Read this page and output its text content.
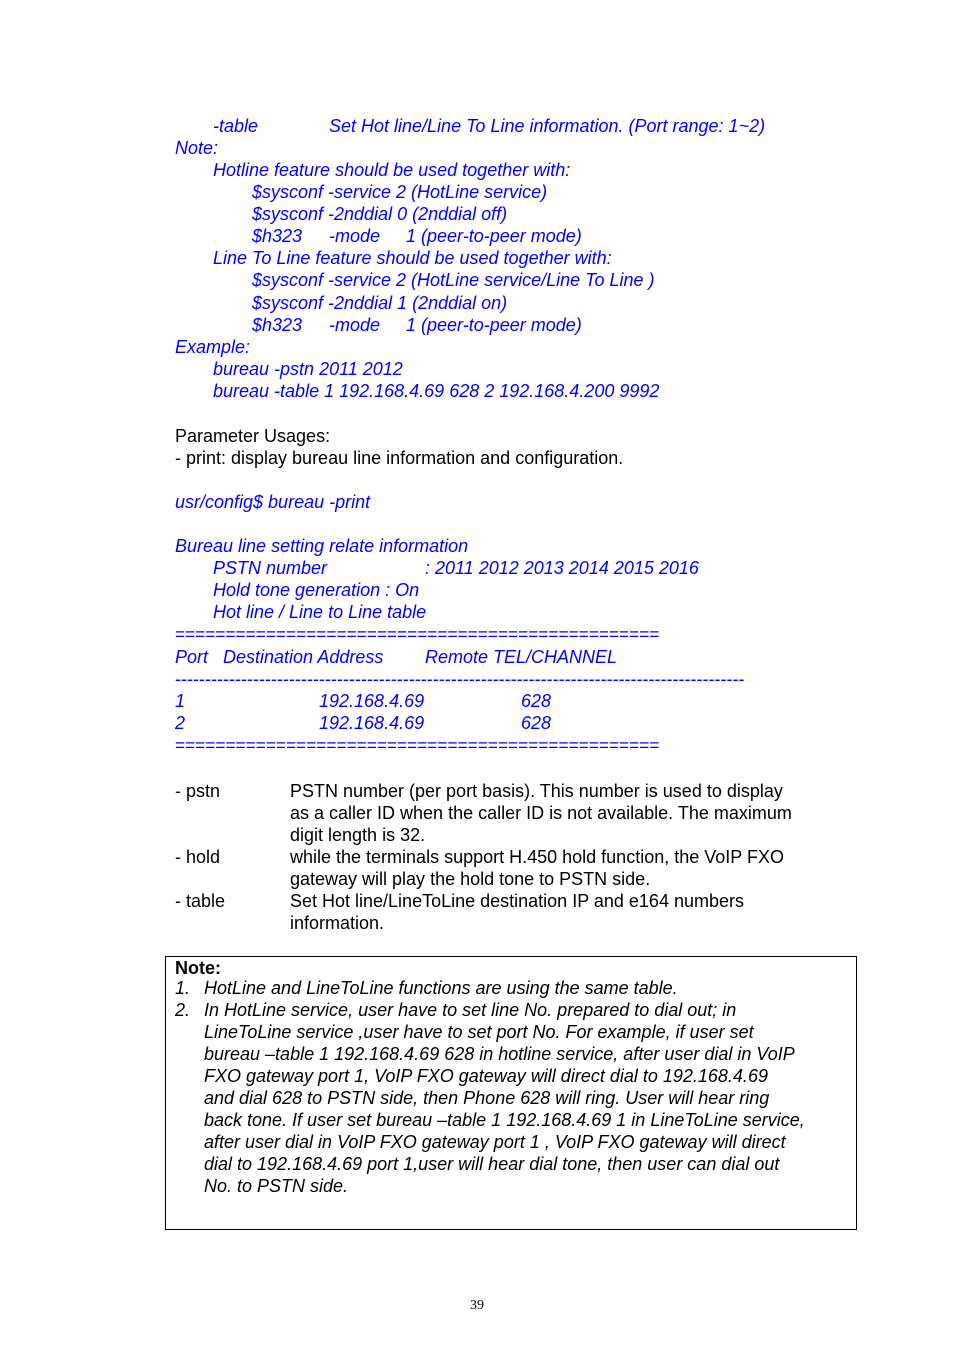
-table	Set Hot line/Line To Line information. (Port range: 1~2)
Note:
Hotline feature should be used together with:
$sysconf -service 2 (HotLine service)
$sysconf -2nddial 0 (2nddial off)
$h323 -mode 1 (peer-to-peer mode)
Line To Line feature should be used together with:
$sysconf -service 2 (HotLine service/Line To Line )
$sysconf -2nddial 1 (2nddial on)
$h323 -mode 1 (peer-to-peer mode)
Example:
bureau -pstn 2011 2012
bureau -table 1 192.168.4.69 628 2 192.168.4.200 9992
Parameter Usages:
- print: display bureau line information and configuration.
usr/config$ bureau -print
Bureau line setting relate information
PSTN number	: 2011 2012 2013 2014 2015 2016
Hold tone generation : On
Hot line / Line to Line table
================================================
Port Destination Address Remote TEL/CHANNEL
-----------------------------------------------------------------------------------------------
1	192.168.4.69	628
2	192.168.4.69	628
================================================
- pstn	PSTN number (per port basis). This number is used to display
as a caller ID when the caller ID is not available. The maximum
digit length is 32.
- hold	while the terminals support H.450 hold function, the VoIP FXO
gateway will play the hold tone to PSTN side.
- table	Set Hot line/LineToLine destination IP and e164 numbers
information.
Note:
1. HotLine and LineToLine functions are using the same table.
2. In HotLine service, user have to set line No. prepared to dial out; in
LineToLine service ,user have to set port No. For example, if user set
bureau –table 1 192.168.4.69 628 in hotline service, after user dial in VoIP
FXO gateway port 1, VoIP FXO gateway will direct dial to 192.168.4.69
and dial 628 to PSTN side, then Phone 628 will ring. User will hear ring
back tone. If user set bureau –table 1 192.168.4.69 1 in LineToLine service,
after user dial in VoIP FXO gateway port 1 , VoIP FXO gateway will direct
dial to 192.168.4.69 port 1,user will hear dial tone, then user can dial out
No. to PSTN side.
39
